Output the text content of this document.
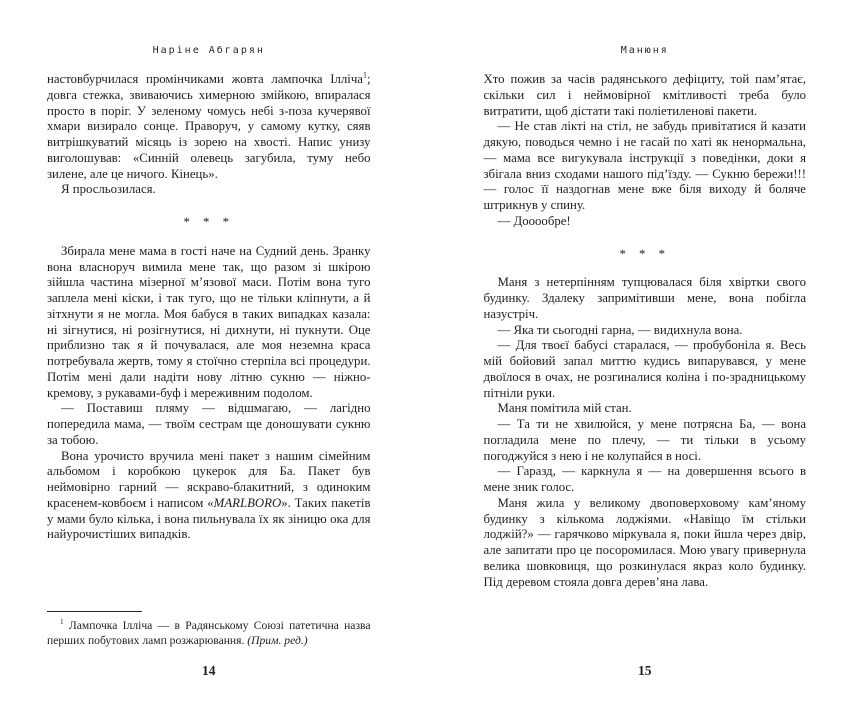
Наріне Абгарян

настовбурчилася промінчиками жовта лампочка Ілліча$^1$; довга стежка, звиваючись химерною змійкою, впиралася просто в поріг. У зеленому чомусь небі з-поза кучерявої хмари визирало сонце. Праворуч, у самому кутку, сяяв витрішкуватий місяць із зорею на хвості. Напис унизу виголошував: «Синній олевець загубила, туму небо зилене, але це ничого. Кінець».

Я просльозилася.

* * *

Збирала мене мама в гості наче на Судний день. Зранку вона власноруч вимила мене так, що разом зі шкірою зійшла частина мізерної м’язової маси. Потім вона туго заплела мені кіски, і так туго, що не тільки кліпнути, а й зітхнути я не могла. Моя бабуся в таких випадках казала: ні зігнутися, ні розігнутися, ні дихнути, ні пукнути. Оце приблизно так я й почувалася, але моя неземна краса потребувала жертв, тому я стоїчно стерпіла всі процедури. Потім мені дали надіти нову літню сукню — ніжно-кремову, з рукавами-буф і мереживним подолом.

— Поставиш пляму — відшмагаю, — лагідно попередила мама, — твоїм сестрам ще доношувати сукню за тобою.

Вона урочисто вручила мені пакет з нашим сімейним альбомом і коробкою цукерок для Ба. Пакет був неймовірно гарний — яскраво-блакитний, з одиноким красенем-ковбоєм і написом «MARLBORO». Таких пакетів у мами було кілька, і вона пильнувала їх як зіницю ока для найурочистіших випадків.

$^1$ Лампочка Ілліча — в Радянському Союзі патетична назва перших побутових ламп розжарювання. (Прим. ред.)

14
Манюня

Хто пожив за часів радянського дефіциту, той пам’ятає, скільки сил і неймовірної кмітливості треба було витратити, щоб дістати такі поліетиленові пакети.

— Не став лікті на стіл, не забудь привітатися й казати дякую, поводься чемно і не гасай по хаті як ненормальна, — мама все вигукувала інструкції з поведінки, доки я збігала вниз сходами нашого під’їзду. — Сукню бережи!!! — голос її наздогнав мене вже біля виходу й боляче штрикнув у спину.

— Дооообре!

* * *

Маня з нетерпінням тупцювалася біля хвіртки свого будинку. Здалеку запримітивши мене, вона побігла назустріч.

— Яка ти сьогодні гарна, — видихнула вона.

— Для твоєї бабусі старалася, — пробубоніла я. Весь мій бойовий запал миттю кудись випарувався, у мене двоїлося в очах, не розгиналися коліна і по-зрадницькому пітніли руки.

Маня помітила мій стан.

— Та ти не хвилюйся, у мене потрясна Ба, — вона погладила мене по плечу, — ти тільки в усьому погоджуйся з нею і не колупайся в носі.

— Гаразд, — каркнула я — на довершення всього в мене зник голос.

Маня жила у великому двоповерховому кам’яному будинку з кількома лоджіями. «Навіщо їм стільки лоджій?» — гарячково міркувала я, поки йшла через двір, але запитати про це посоромилася. Мою увагу привернула велика шовковиця, що розкинулася якраз коло будинку. Під деревом стояла довга дерев’яна лава.

15
